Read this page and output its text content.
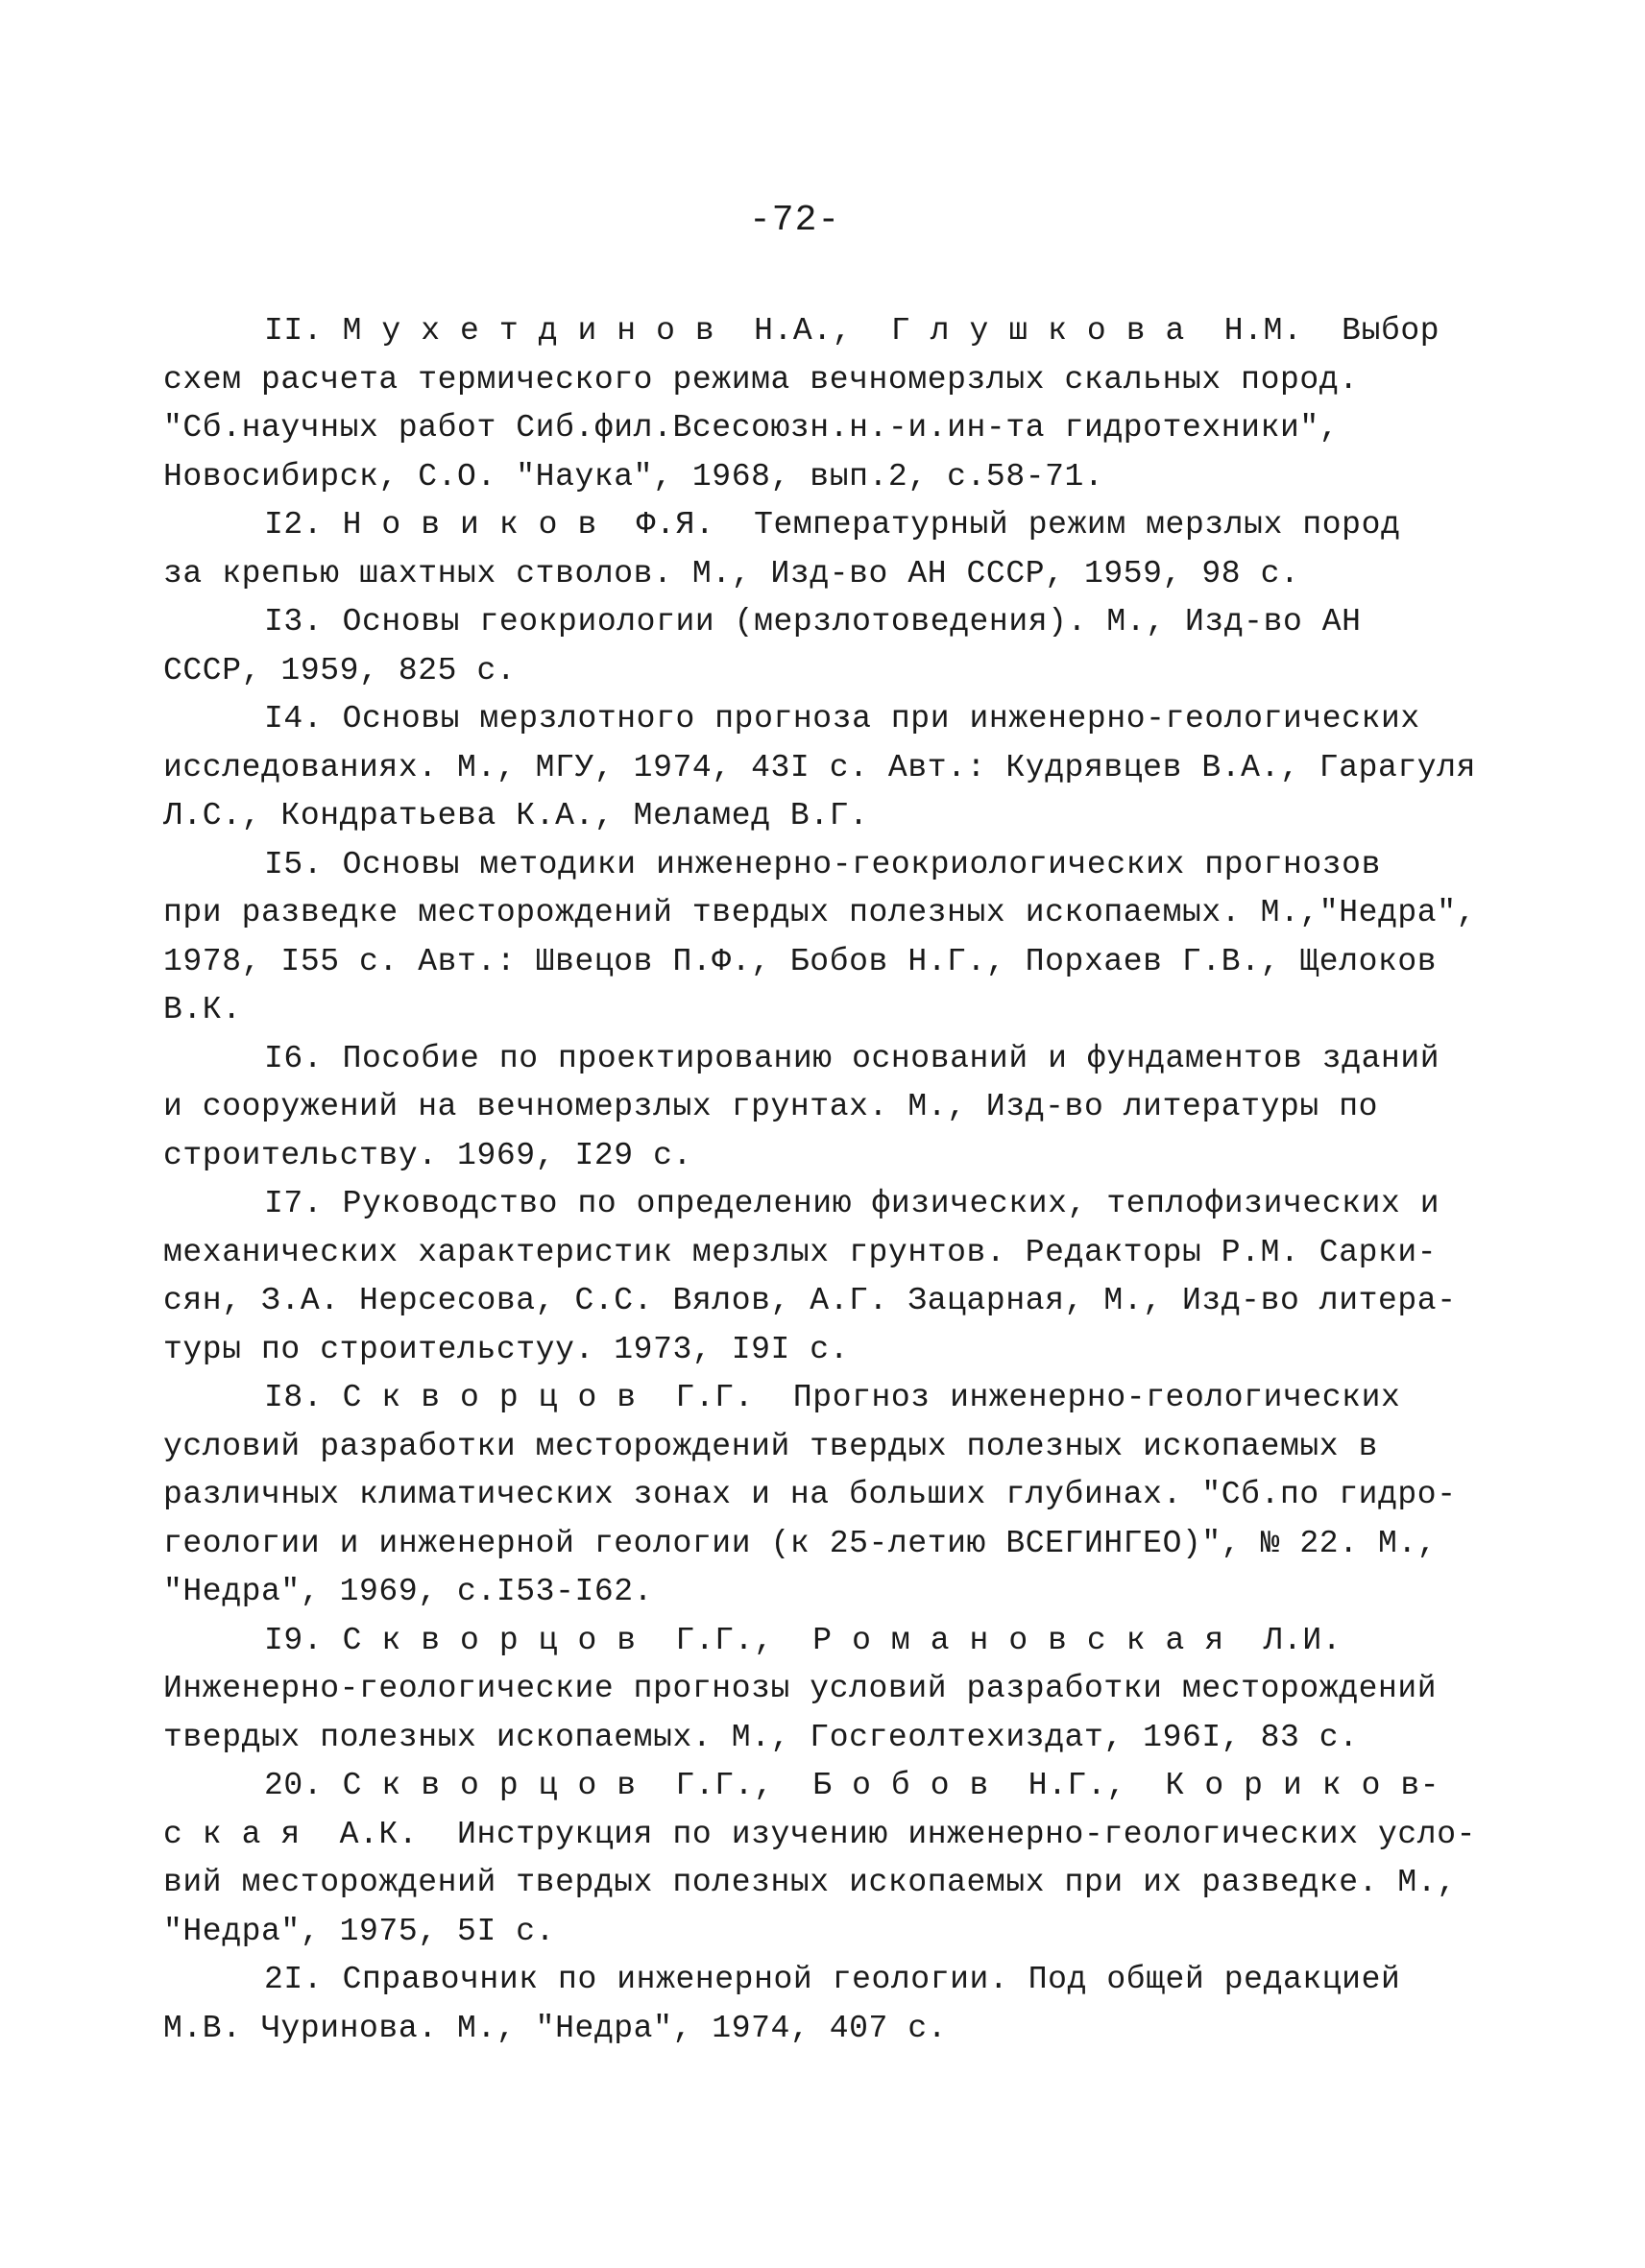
-72-
II. М у х е т д и н о в  Н.А.,  Г л у ш к о в а  Н.М.  Выбор
схем расчета термического режима вечномерзлых скальных пород.
"Сб.научных работ Сиб.фил.Всесоюзн.н.-и.ин-та гидротехники",
Новосибирск, С.О. "Наука", 1968, вып.2, с.58-71.
I2. Н о в и к о в  Ф.Я.  Температурный режим мерзлых пород
за крепью шахтных стволов. М., Изд-во АН СССР, 1959, 98 с.
I3. Основы геокриологии (мерзлотоведения). М., Изд-во АН
СССР, 1959, 825 с.
I4. Основы мерзлотного прогноза при инженерно-геологических
исследованиях. М., МГУ, 1974, 43I с. Авт.: Кудрявцев В.А., Гарагуля
Л.С., Кондратьева К.А., Меламед В.Г.
I5. Основы методики инженерно-геокриологических прогнозов
при разведке месторождений твердых полезных ископаемых. М.,"Недра",
1978, I55 с. Авт.: Швецов П.Ф., Бобов Н.Г., Порхаев Г.В., Щелоков
В.К.
I6. Пособие по проектированию оснований и фундаментов зданий
и сооружений на вечномерзлых грунтах. М., Изд-во литературы по
строительству. 1969, I29 с.
I7. Руководство по определению физических, теплофизических и
механических характеристик мерзлых грунтов. Редакторы Р.М. Сарки-
сян, З.А. Нерсесова, С.С. Вялов, А.Г. Зацарная, М., Изд-во литера-
туры по строительстуу. 1973, I9I с.
I8. С к в о р ц о в  Г.Г.  Прогноз инженерно-геологических
условий разработки месторождений твердых полезных ископаемых в
различных климатических зонах и на больших глубинах. "Сб.по гидро-
геологии и инженерной геологии (к 25-летию ВСЕГИНГЕО)", № 22. М.,
"Недра", 1969, с.I53-I62.
I9. С к в о р ц о в  Г.Г.,  Р о м а н о в с к а я  Л.И.
Инженерно-геологические прогнозы условий разработки месторождений
твердых полезных ископаемых. М., Госгеолтехиздат, 196I, 83 с.
20. С к в о р ц о в  Г.Г.,  Б о б о в  Н.Г.,  К о р и к о в-
с к а я  А.К.  Инструкция по изучению инженерно-геологических усло-
вий месторождений твердых полезных ископаемых при их разведке. М.,
"Недра", 1975, 5I с.
2I. Справочник по инженерной геологии. Под общей редакцией
М.В. Чуринова. М., "Недра", 1974, 407 с.
